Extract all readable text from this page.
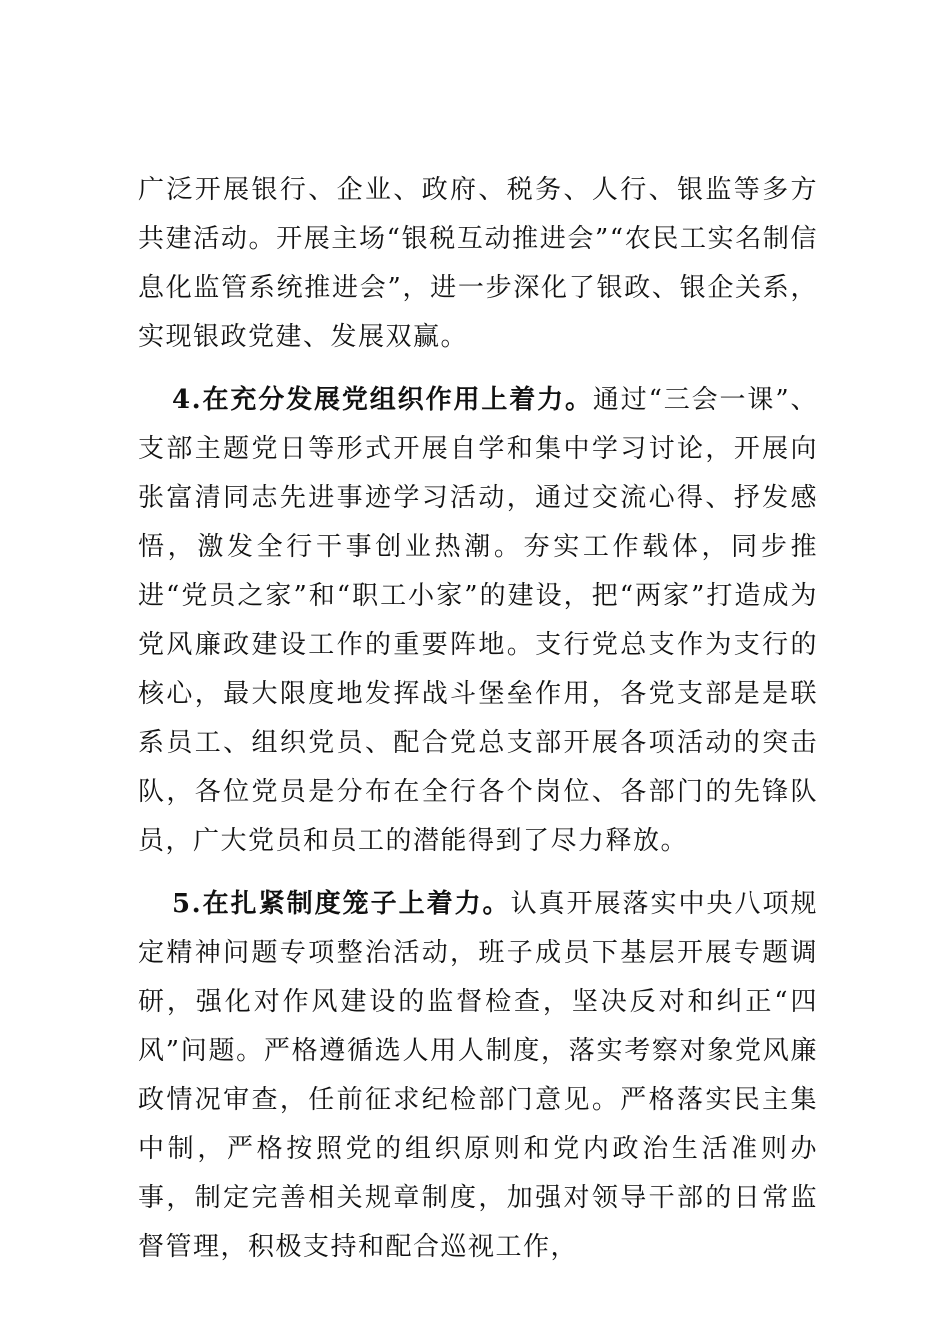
广泛开展银行、企业、政府、税务、人行、银监等多方共建活动。开展主场“银税互动推进会”“农民工实名制信息化监管系统推进会”，进一步深化了银政、银企关系，实现银政党建、发展双赢。

4.在充分发展党组织作用上着力。通过“三会一课”、支部主题党日等形式开展自学和集中学习讨论，开展向张富清同志先进事迹学习活动，通过交流心得、抒发感悟，激发全行干事创业热潮。夯实工作载体，同步推进“党员之家”和“职工小家”的建设，把“两家”打造成为党风廉政建设工作的重要阵地。支行党总支作为支行的核心，最大限度地发挥战斗堡垒作用，各党支部是是联系员工、组织党员、配合党总支部开展各项活动的突击队，各位党员是分布在全行各个岗位、各部门的先锋队员，广大党员和员工的潜能得到了尽力释放。

5.在扎紧制度笼子上着力。认真开展落实中央八项规定精神问题专项整治活动，班子成员下基层开展专题调研，强化对作风建设的监督检查，坚决反对和纠正“四风”问题。严格遵循选人用人制度，落实考察对象党风廉政情况审查，任前征求纪检部门意见。严格落实民主集中制，严格按照党的组织原则和党内政治生活准则办事，制定完善相关规章制度，加强对领导干部的日常监督管理，积极支持和配合巡视工作，
